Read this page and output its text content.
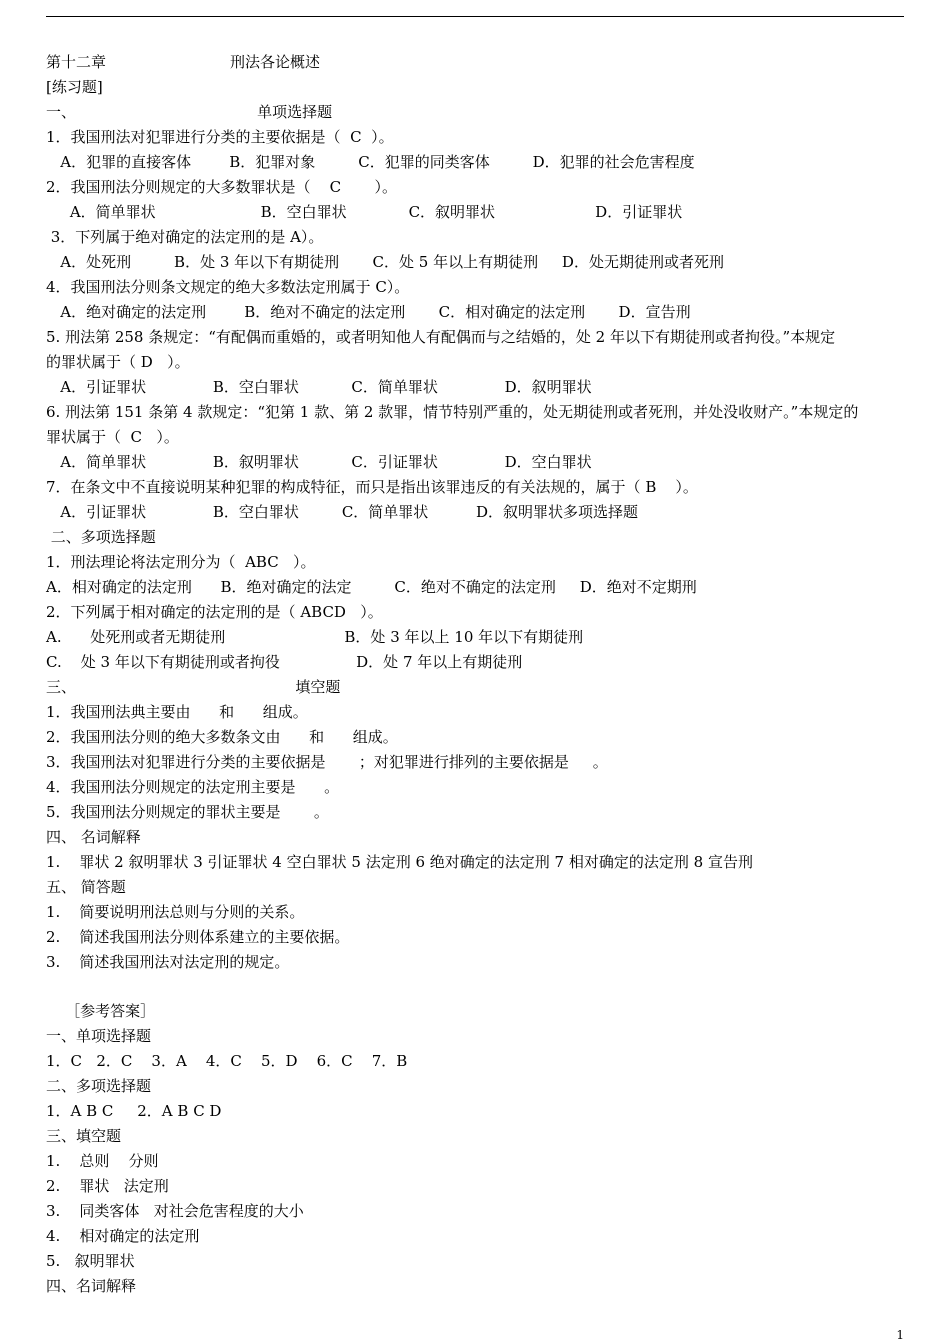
第十二章                          刑法各论概述
[练习题]
一、                                      单项选择题
1．我国刑法对犯罪进行分类的主要依据是（  C  ）。
A．犯罪的直接客体        B．犯罪对象         C．犯罪的同类客体         D．犯罪的社会危害程度
2．我国刑法分则规定的大多数罪状是（    C       ）。
A．简单罪状                      B．空白罪状             C．叙明罪状                     D．引证罪状
3．下列属于绝对确定的法定刑的是 A）。
A．处死刑         B．处 3 年以下有期徒刑       C．处 5 年以上有期徒刑     D．处无期徒刑或者死刑
4．我国刑法分则条文规定的绝大多数法定刑属于 C）。
A．绝对确定的法定刑        B．绝对不确定的法定刑       C．相对确定的法定刑       D．宣告刑
5. 刑法第 258 条规定：“有配偶而重婚的，或者明知他人有配偶而与之结婚的，处 2 年以下有期徒刑或者拘役。”本规定
的罪状属于（ D   ）。
A．引证罪状              B．空白罪状           C．简单罪状              D．叙明罪状
6. 刑法第 151 条第 4 款规定：“犯第 1 款、第 2 款罪，情节特别严重的，处无期徒刑或者死刑，并处没收财产。”本规定的
罪状属于（  C   ）。
A．简单罪状              B．叙明罪状           C．引证罪状              D．空白罪状
7．在条文中不直接说明某种犯罪的构成特征，而只是指出该罪违反的有关法规的，属于（ B    ）。
A．引证罪状              B．空白罪状         C．简单罪状          D．叙明罪状多项选择题
二、多项选择题
1．刑法理论将法定刑分为（  ABC   ）。
A．相对确定的法定刑      B．绝对确定的法定         C．绝对不确定的法定刑     D．绝对不定期刑
2．下列属于相对确定的法定刑的是（ ABCD   ）。
A.      处死刑或者无期徒刑                         B．处 3 年以上 10 年以下有期徒刑
C.    处 3 年以下有期徒刑或者拘役                D．处 7 年以上有期徒刑
三、                                              填空题
1．我国刑法典主要由      和      组成。
2．我国刑法分则的绝大多数条文由      和      组成。
3．我国刑法对犯罪进行分类的主要依据是       ；对犯罪进行排列的主要依据是     。
4．我国刑法分则规定的法定刑主要是      。
5．我国刑法分则规定的罪状主要是       。
四、 名词解释
1.    罪状 2 叙明罪状 3 引证罪状 4 空白罪状 5 法定刑 6 绝对确定的法定刑 7 相对确定的法定刑 8 宣告刑
五、 简答题
1.    简要说明刑法总则与分则的关系。
2.    简述我国刑法分则体系建立的主要依据。
3.    简述我国刑法对法定刑的规定。
［参考答案］
一、单项选择题
1．C   2．C    3．A    4．C    5．D    6．C    7．B
二、多项选择题
1．A B C     2．A B C D
三、填空题
1.    总则    分则
2.    罪状   法定刑
3.    同类客体   对社会危害程度的大小
4.    相对确定的法定刑
5.   叙明罪状
四、名词解释
1
